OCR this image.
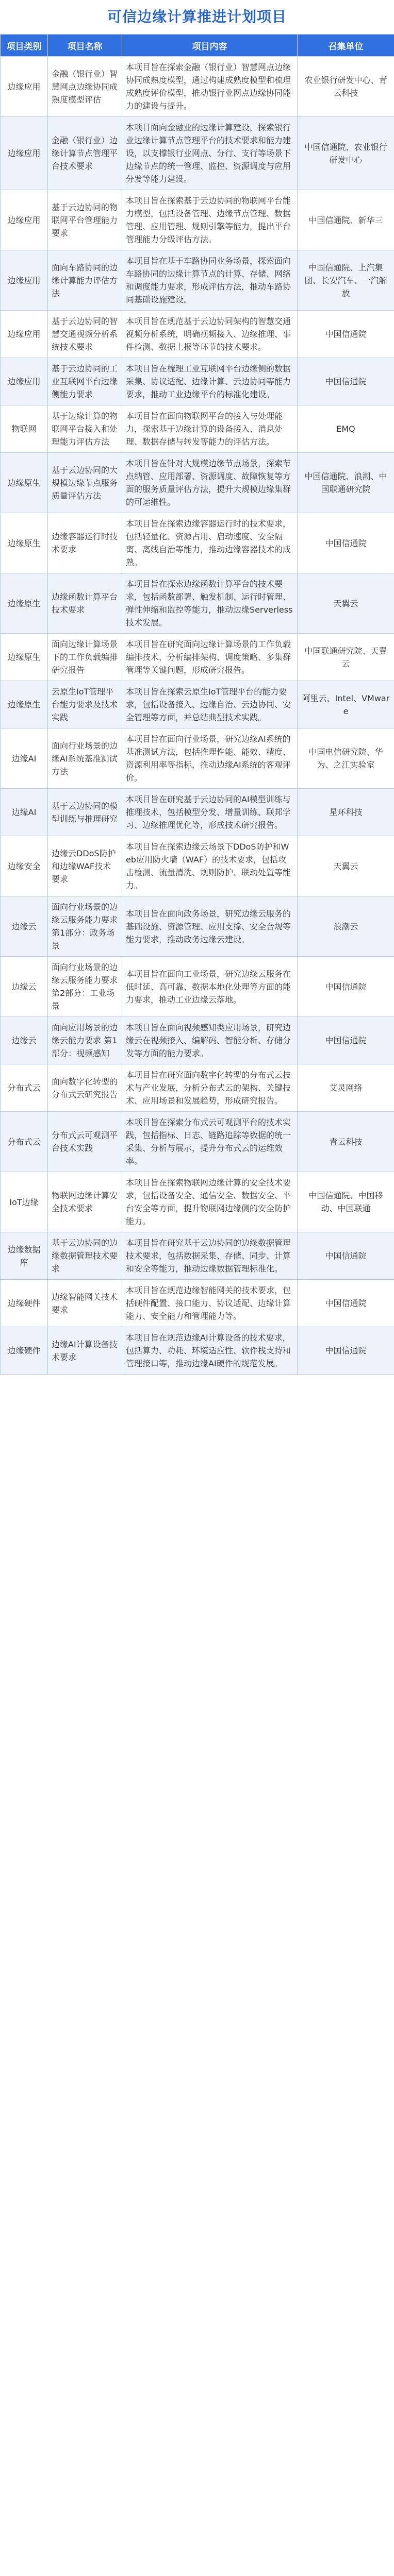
可信边缘计算推进计划项目
项目类别	项目名称	项目内容	召集单位
边缘应用	金融（银行业）智慧网点边缘协同成熟度模型评估	本项目旨在探索金融（银行业）智慧网点边缘协同成熟度模型，通过构建成熟度模型和梳理成熟度评价模型，推动银行业网点边缘协同能力的建设与提升。	农业银行研发中心、青云科技
边缘应用	金融（银行业）边缘计算节点管理平台技术要求	本项目面向金融业的边缘计算建设，探索银行业边缘计算节点管理平台的技术要求和能力建设，以支撑银行业网点、分行、支行等场景下边缘节点的统一管理、监控、资源调度与应用分发等能力建设。	中国信通院、农业银行研发中心
边缘应用	基于云边协同的物联网平台管理能力要求	本项目旨在探索基于云边协同的物联网平台能力模型，包括设备管理、边缘节点管理、数据管理、应用管理、规则引擎等能力，提出平台管理能力分级评估方法。	中国信通院、新华三
边缘应用	面向车路协同的边缘计算能力评估方法	本项目旨在基于车路协同业务场景，探索面向车路协同的边缘计算节点的计算、存储、网络和调度能力要求，形成评估方法，推动车路协同基础设施建设。	中国信通院、上汽集团、长安汽车、一汽解放
边缘应用	基于云边协同的智慧交通视频分析系统技术要求	本项目旨在规范基于云边协同架构的智慧交通视频分析系统，明确视频接入、边缘推理、事件检测、数据上报等环节的技术要求。	中国信通院
边缘应用	基于云边协同的工业互联网平台边缘侧能力要求	本项目旨在梳理工业互联网平台边缘侧的数据采集、协议适配、边缘计算、云边协同等能力要求，推动工业边缘平台的标准化建设。	中国信通院
物联网	基于边缘计算的物联网平台接入和处理能力评估方法	本项目旨在面向物联网平台的接入与处理能力，探索基于边缘计算的设备接入、消息处理、数据存储与转发等能力的评估方法。	EMQ
边缘原生	基于云边协同的大规模边缘节点服务质量评估方法	本项目旨在针对大规模边缘节点场景，探索节点纳管、应用部署、资源调度、故障恢复等方面的服务质量评估方法，提升大规模边缘集群的可运维性。	中国信通院、浪潮、中国联通研究院
边缘原生	边缘容器运行时技术要求	本项目旨在探索边缘容器运行时的技术要求，包括轻量化、资源占用、启动速度、安全隔离、离线自治等能力，推动边缘容器技术的成熟。	中国信通院
边缘原生	边缘函数计算平台技术要求	本项目旨在探索边缘函数计算平台的技术要求，包括函数部署、触发机制、运行时管理、弹性伸缩和监控等能力，推动边缘Serverless技术发展。	天翼云
边缘原生	面向边缘计算场景下的工作负载编排研究报告	本项目旨在研究面向边缘计算场景的工作负载编排技术，分析编排架构、调度策略、多集群管理等关键问题，形成研究报告。	中国联通研究院、天翼云
边缘原生	云原生IoT管理平台能力要求及技术实践	本项目旨在探索云原生IoT管理平台的能力要求，包括设备接入、边缘自治、云边协同、安全管理等方面，并总结典型技术实践。	阿里云、Intel、VMware
边缘AI	面向行业场景的边缘AI系统基准测试方法	本项目旨在面向行业场景，研究边缘AI系统的基准测试方法，包括推理性能、能效、精度、资源利用率等指标，推动边缘AI系统的客观评价。	中国电信研究院、华为、之江实验室
边缘AI	基于云边协同的模型训练与推理研究	本项目旨在研究基于云边协同的AI模型训练与推理技术，包括模型分发、增量训练、联邦学习、边缘推理优化等，形成技术研究报告。	星环科技
边缘安全	边缘云DDoS防护和边缘WAF技术要求	本项目旨在探索边缘云场景下DDoS防护和Web应用防火墙（WAF）的技术要求，包括攻击检测、流量清洗、规则防护、联动处置等能力。	天翼云
边缘云	面向行业场景的边缘云服务能力要求 第1部分：政务场景	本项目旨在面向政务场景，研究边缘云服务的基础设施、资源管理、应用支撑、安全合规等能力要求，推动政务边缘云建设。	浪潮云
边缘云	面向行业场景的边缘云服务能力要求 第2部分：工业场景	本项目旨在面向工业场景，研究边缘云服务在低时延、高可靠、数据本地化处理等方面的能力要求，推动工业边缘云落地。	中国信通院
边缘云	面向应用场景的边缘云能力要求 第1部分：视频感知	本项目旨在面向视频感知类应用场景，研究边缘云在视频接入、编解码、智能分析、存储分发等方面的能力要求。	中国信通院
分布式云	面向数字化转型的分布式云研究报告	本项目旨在研究面向数字化转型的分布式云技术与产业发展，分析分布式云的架构、关键技术、应用场景和发展趋势，形成研究报告。	艾灵网络
分布式云	分布式云可观测平台技术实践	本项目旨在探索分布式云可观测平台的技术实践，包括指标、日志、链路追踪等数据的统一采集、分析与展示，提升分布式云的运维效率。	青云科技
IoT边缘	物联网边缘计算安全技术要求	本项目旨在探索物联网边缘计算的安全技术要求，包括设备安全、通信安全、数据安全、平台安全等方面，提升物联网边缘侧的安全防护能力。	中国信通院、中国移动、中国联通
边缘数据库	基于云边协同的边缘数据管理技术要求	本项目旨在研究基于云边协同的边缘数据管理技术要求，包括数据采集、存储、同步、计算和安全等能力，推动边缘数据管理标准化。	中国信通院
边缘硬件	边缘智能网关技术要求	本项目旨在规范边缘智能网关的技术要求，包括硬件配置、接口能力、协议适配、边缘计算能力、安全能力和管理能力等。	中国信通院
边缘硬件	边缘AI计算设备技术要求	本项目旨在规范边缘AI计算设备的技术要求，包括算力、功耗、环境适应性、软件栈支持和管理接口等，推动边缘AI硬件的规范发展。	中国信通院
